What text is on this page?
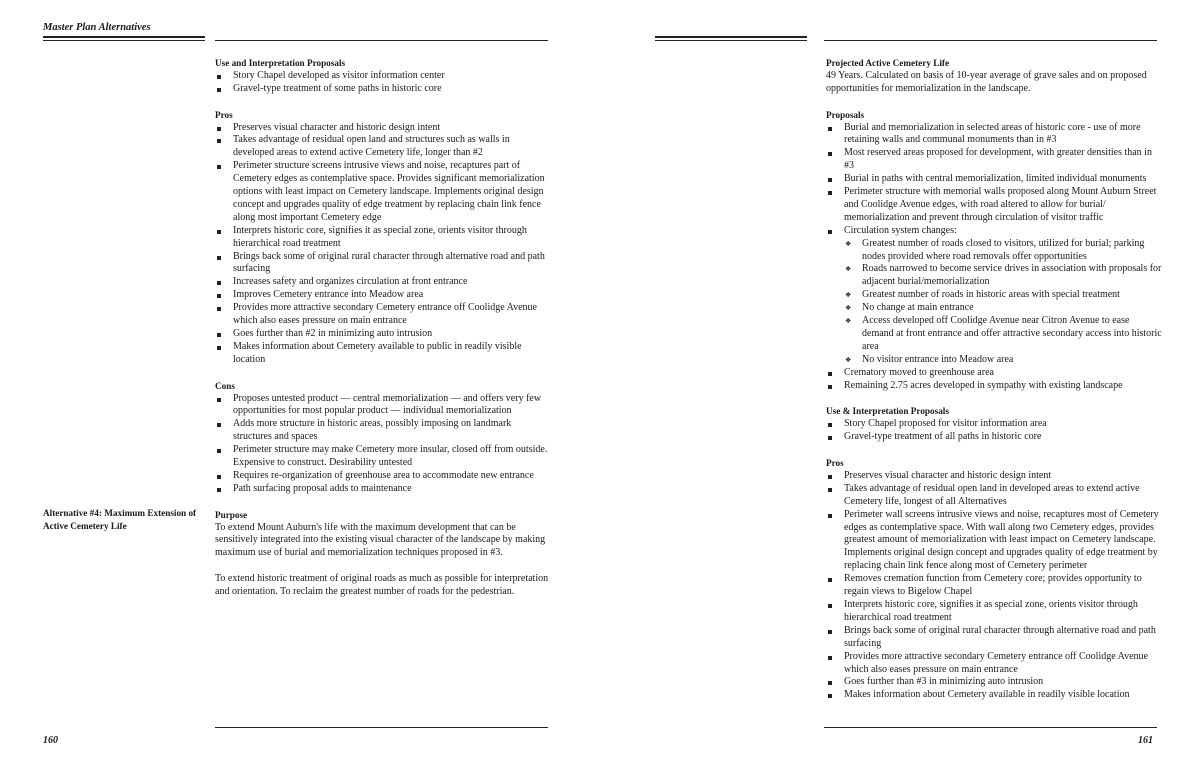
Master Plan Alternatives

Use and Interpretation Proposals

Story Chapel developed as visitor information center
Gravel-type treatment of some paths in historic core

Pros

Preserves visual character and historic design intent
Takes advantage of residual open land and structures such as walls in developed areas to extend active Cemetery life, longer than #2
Perimeter structure screens intrusive views and noise, recaptures part of Cemetery edges as contemplative space. Provides significant memorialization options with least impact on Cemetery landscape. Implements original design concept and upgrades quality of edge treatment by replacing chain link fence along most important Cemetery edge
Interprets historic core, signifies it as special zone, orients visitor through hierarchical road treatment
Brings back some of original rural character through alternative road and path surfacing
Increases safety and organizes circulation at front entrance
Improves Cemetery entrance into Meadow area
Provides more attractive secondary Cemetery entrance off Coolidge Avenue which also eases pressure on main entrance
Goes further than #2 in minimizing auto intrusion
Makes information about Cemetery available to public in readily visible location

Cons

Proposes untested product — central memorialization — and offers very few opportunities for most popular product — individual memorialization
Adds more structure in historic areas, possibly imposing on landmark structures and spaces
Perimeter structure may make Cemetery more insular, closed off from outside. Expensive to construct. Desirability untested
Requires re-organization of greenhouse area to accommodate new entrance
Path surfacing proposal adds to maintenance

Purpose

To extend Mount Auburn's life with the maximum development that can be sensitively integrated into the existing visual character of the landscape by making maximum use of burial and memorialization techniques proposed in #3.

To extend historic treatment of original roads as much as possible for interpretation and orientation. To reclaim the greatest number of roads for the pedestrian.

Alternative #4: Maximum Extension of Active Cemetery Life

160

Projected Active Cemetery Life

49 Years. Calculated on basis of 10-year average of grave sales and on proposed opportunities for memorialization in the landscape.

Proposals

Burial and memorialization in selected areas of historic core - use of more retaining walls and communal monuments than in #3
Most reserved areas proposed for development, with greater densities than in #3
Burial in paths with central memorialization, limited individual monuments
Perimeter structure with memorial walls proposed along Mount Auburn Street and Coolidge Avenue edges, with road altered to allow for burial/ memorialization and prevent through circulation of visitor traffic
Circulation system changes:
❖ Greatest number of roads closed to visitors, utilized for burial; parking nodes provided where road removals offer opportunities
❖ Roads narrowed to become service drives in association with proposals for adjacent burial/memorialization
❖ Greatest number of roads in historic areas with special treatment
❖ No change at main entrance
❖ Access developed off Coolidge Avenue near Citron Avenue to ease demand at front entrance and offer attractive secondary access into historic area
❖ No visitor entrance into Meadow area
Crematory moved to greenhouse area
Remaining 2.75 acres developed in sympathy with existing landscape

Use & Interpretation Proposals

Story Chapel proposed for visitor information area
Gravel-type treatment of all paths in historic core

Pros

Preserves visual character and historic design intent
Takes advantage of residual open land in developed areas to extend active Cemetery life, longest of all Alternatives
Perimeter wall screens intrusive views and noise, recaptures most of Cemetery edges as contemplative space. With wall along two Cemetery edges, provides greatest amount of memorialization with least impact on Cemetery landscape. Implements original design concept and upgrades quality of edge treatment by replacing chain link fence along most of Cemetery perimeter
Removes cremation function from Cemetery core; provides opportunity to regain views to Bigelow Chapel
Interprets historic core, signifies it as special zone, orients visitor through hierarchical road treatment
Brings back some of original rural character through alternative road and path surfacing
Provides more attractive secondary Cemetery entrance off Coolidge Avenue which also eases pressure on main entrance
Goes further than #3 in minimizing auto intrusion
Makes information about Cemetery available in readily visible location

161
